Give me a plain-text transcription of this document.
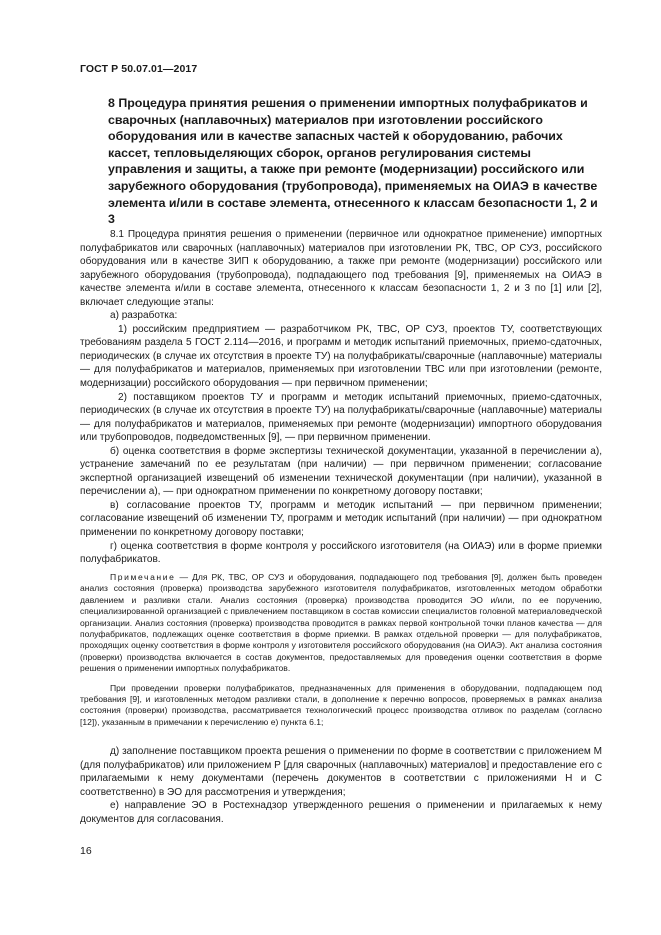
ГОСТ Р 50.07.01—2017
8 Процедура принятия решения о применении импортных полуфабрикатов и сварочных (наплавочных) материалов при изготовлении российского оборудования или в качестве запасных частей к оборудованию, рабочих кассет, тепловыделяющих сборок, органов регулирования системы управления и защиты, а также при ремонте (модернизации) российского или зарубежного оборудования (трубопровода), применяемых на ОИАЭ в качестве элемента и/или в составе элемента, отнесенного к классам безопасности 1, 2 и 3

8.1 Процедура принятия решения о применении (первичное или однократное применение) импортных полуфабрикатов или сварочных (наплавочных) материалов при изготовлении РК, ТВС, ОР СУЗ, российского оборудования или в качестве ЗИП к оборудованию, а также при ремонте (модернизации) российского или зарубежного оборудования (трубопровода), подпадающего под требования [9], применяемых на ОИАЭ в качестве элемента и/или в составе элемента, отнесенного к классам безопасности 1, 2 и 3 по [1] или [2], включает следующие этапы:

а) разработка:

1) российским предприятием — разработчиком РК, ТВС, ОР СУЗ, проектов ТУ, соответствующих требованиям раздела 5 ГОСТ 2.114—2016, и программ и методик испытаний приемочных, приемо-сдаточных, периодических (в случае их отсутствия в проекте ТУ) на полуфабрикаты/сварочные (наплавочные) материалы — для полуфабрикатов и материалов, применяемых при изготовлении ТВС или при изготовлении (ремонте, модернизации) российского оборудования — при первичном применении;

2) поставщиком проектов ТУ и программ и методик испытаний приемочных, приемо-сдаточных, периодических (в случае их отсутствия в проекте ТУ) на полуфабрикаты/сварочные (наплавочные) материалы — для полуфабрикатов и материалов, применяемых при ремонте (модернизации) импортного оборудования или трубопроводов, подведомственных [9], — при первичном применении.

б) оценка соответствия в форме экспертизы технической документации, указанной в перечислении а), устранение замечаний по ее результатам (при наличии) — при первичном применении; согласование экспертной организацией извещений об изменении технической документации (при наличии), указанной в перечислении а), — при однократном применении по конкретному договору поставки;

в) согласование проектов ТУ, программ и методик испытаний — при первичном применении; согласование извещений об изменении ТУ, программ и методик испытаний (при наличии) — при однократном применении по конкретному договору поставки;

г) оценка соответствия в форме контроля у российского изготовителя (на ОИАЭ) или в форме приемки полуфабрикатов.

Примечание — Для РК, ТВС, ОР СУЗ и оборудования, подпадающего под требования [9], должен быть проведен анализ состояния (проверка) производства зарубежного изготовителя полуфабрикатов, изготовленных методом обработки давлением и разливки стали. Анализ состояния (проверка) производства проводится ЭО и/или, по ее поручению, специализированной организацией с привлечением поставщиком в состав комиссии специалистов головной материаловедческой организации. Анализ состояния (проверка) производства проводится в рамках первой контрольной точки планов качества — для полуфабрикатов, подлежащих оценке соответствия в форме приемки. В рамках отдельной проверки — для полуфабрикатов, проходящих оценку соответствия в форме контроля у изготовителя российского оборудования (на ОИАЭ). Акт анализа состояния (проверки) производства включается в состав документов, предоставляемых для проведения оценки соответствия в форме решения о применении импортных полуфабрикатов.

При проведении проверки полуфабрикатов, предназначенных для применения в оборудовании, подпадающем под требования [9], и изготовленных методом разливки стали, в дополнение к перечню вопросов, проверяемых в рамках анализа состояния (проверки) производства, рассматривается технологический процесс производства отливок по разделам (согласно [12]), указанным в примечании к перечислению е) пункта 6.1;

д) заполнение поставщиком проекта решения о применении по форме в соответствии с приложением М (для полуфабрикатов) или приложением Р [для сварочных (наплавочных) материалов] и предоставление его с прилагаемыми к нему документами (перечень документов в соответствии с приложениями Н и С соответственно) в ЭО для рассмотрения и утверждения;

е) направление ЭО в Ростехнадзор утвержденного решения о применении и прилагаемых к нему документов для согласования.

16
